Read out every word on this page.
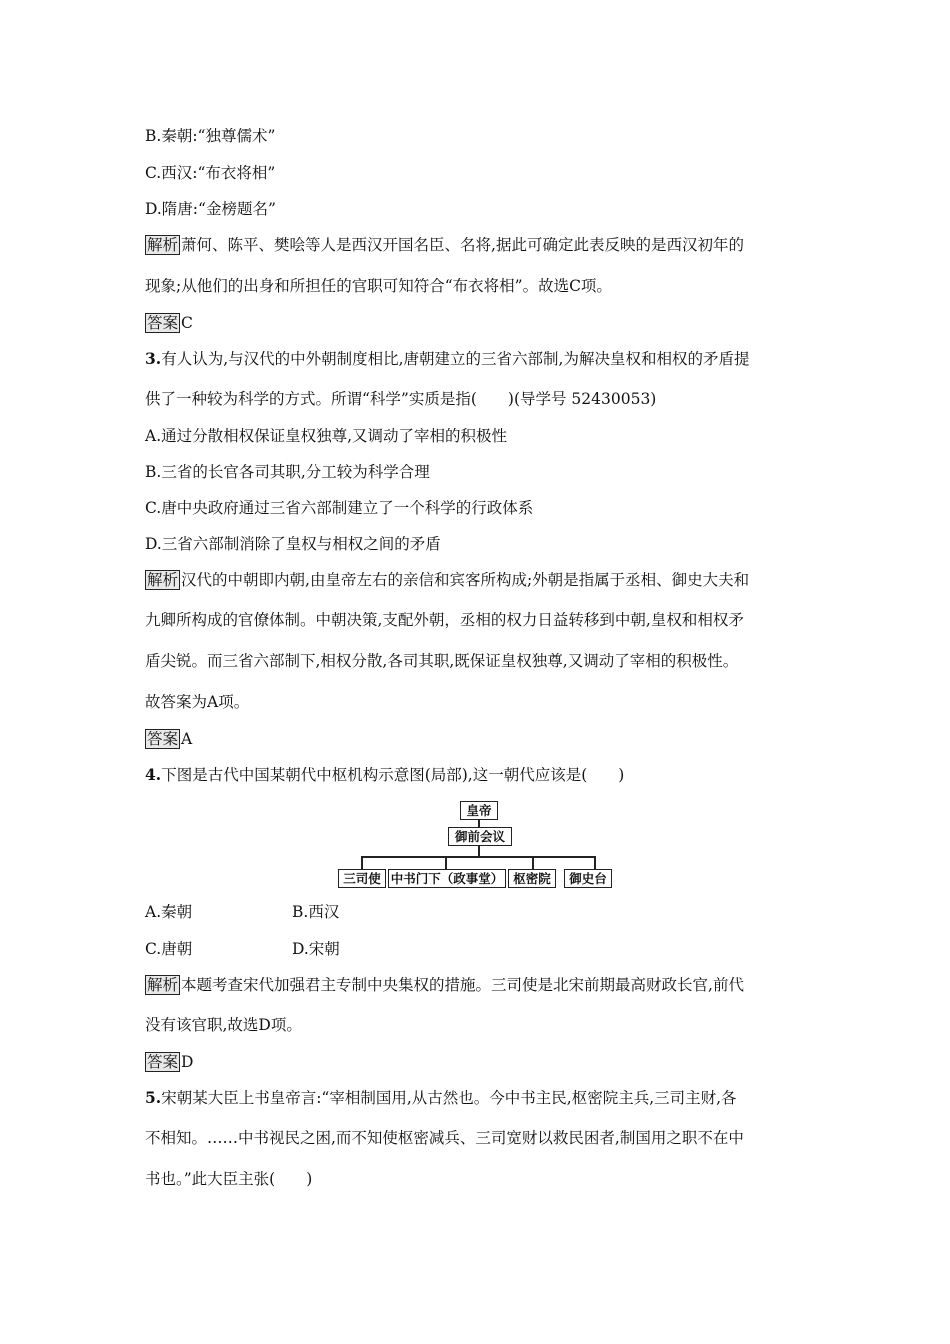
B.秦朝:“独尊儒术”
C.西汉:“布衣将相”
D.隋唐:“金榜题名”
解析 萧何、陈平、樊哙等人是西汉开国名臣、名将,据此可确定此表反映的是西汉初年的
现象;从他们的出身和所担任的官职可知符合“布衣将相”。故选C项。
答案 C
3.有人认为,与汉代的中外朝制度相比,唐朝建立的三省六部制,为解决皇权和相权的矛盾提
供了一种较为科学的方式。所谓“科学”实质是指(　　)(导学号 52430053)
A.通过分散相权保证皇权独尊,又调动了宰相的积极性
B.三省的长官各司其职,分工较为科学合理
C.唐中央政府通过三省六部制建立了一个科学的行政体系
D.三省六部制消除了皇权与相权之间的矛盾
解析 汉代的中朝即内朝,由皇帝左右的亲信和宾客所构成;外朝是指属于丞相、御史大夫和
九卿所构成的官僚体制。中朝决策,支配外朝，丞相的权力日益转移到中朝,皇权和相权矛
盾尖锐。而三省六部制下,相权分散,各司其职,既保证皇权独尊,又调动了宰相的积极性。
故答案为A项。
答案 A
4.下图是古代中国某朝代中枢机构示意图(局部),这一朝代应该是(　　)
皇帝
御前会议
三司使 中书门下（政事堂） 枢密院	御史台
A.秦朝	B.西汉
C.唐朝	D.宋朝
解析 本题考查宋代加强君主专制中央集权的措施。三司使是北宋前期最高财政长官,前代
没有该官职,故选D项。
答案 D
5.宋朝某大臣上书皇帝言:“宰相制国用,从古然也。今中书主民,枢密院主兵,三司主财,各
不相知。……中书视民之困,而不知使枢密减兵、三司宽财以救民困者,制国用之职不在中
书也。”此大臣主张(　　)
